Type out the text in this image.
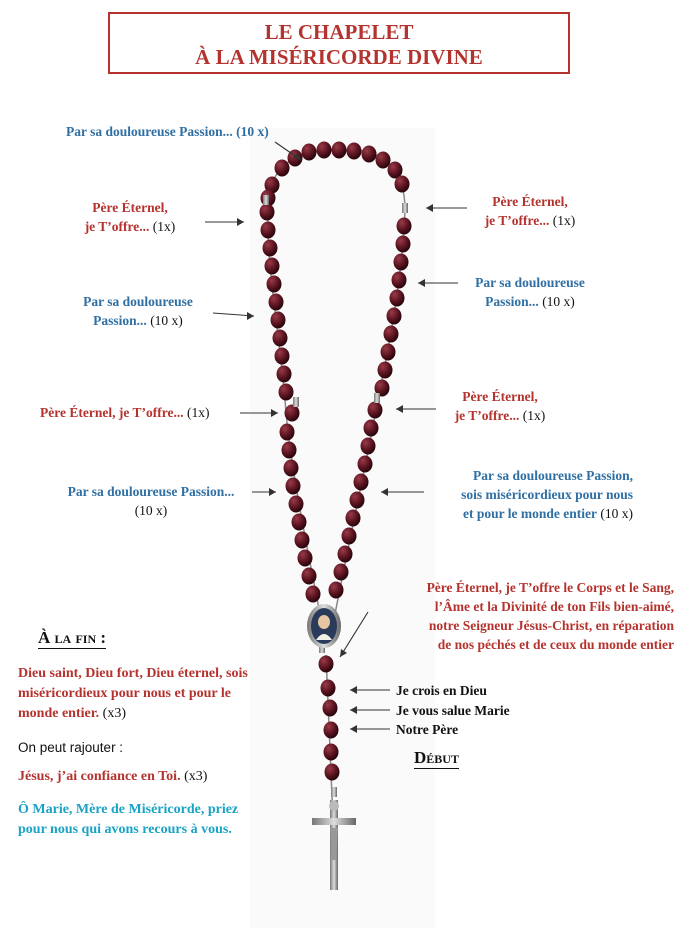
LE CHAPELET
À LA MISÉRICORDE DIVINE
Par sa douloureuse Passion... (10 x)
Père Éternel,
je T’offre... (1x)
Père Éternel,
je T’offre... (1x)
Par sa douloureuse
Passion... (10 x)
Par sa douloureuse
Passion... (10 x)
Père Éternel, je T’offre... (1x)
Père Éternel,
je T’offre... (1x)
Par sa douloureuse Passion...
(10 x)
Par sa douloureuse Passion,
sois miséricordieux pour nous
et pour le monde entier (10 x)
Père Éternel, je T’offre le Corps et le Sang,
l’Âme et la Divinité de ton Fils bien-aimé,
notre Seigneur Jésus-Christ, en réparation
de nos péchés et de ceux du monde entier
Je crois en Dieu
Je vous salue Marie
Notre Père
Début
À la fin :
Dieu saint, Dieu fort, Dieu éternel, sois
miséricordieux pour nous et pour le
monde entier. (x3)
On peut rajouter :
Jésus, j’ai confiance en Toi. (x3)
Ô Marie, Mère de Miséricorde, priez
pour nous qui avons recours à vous.
